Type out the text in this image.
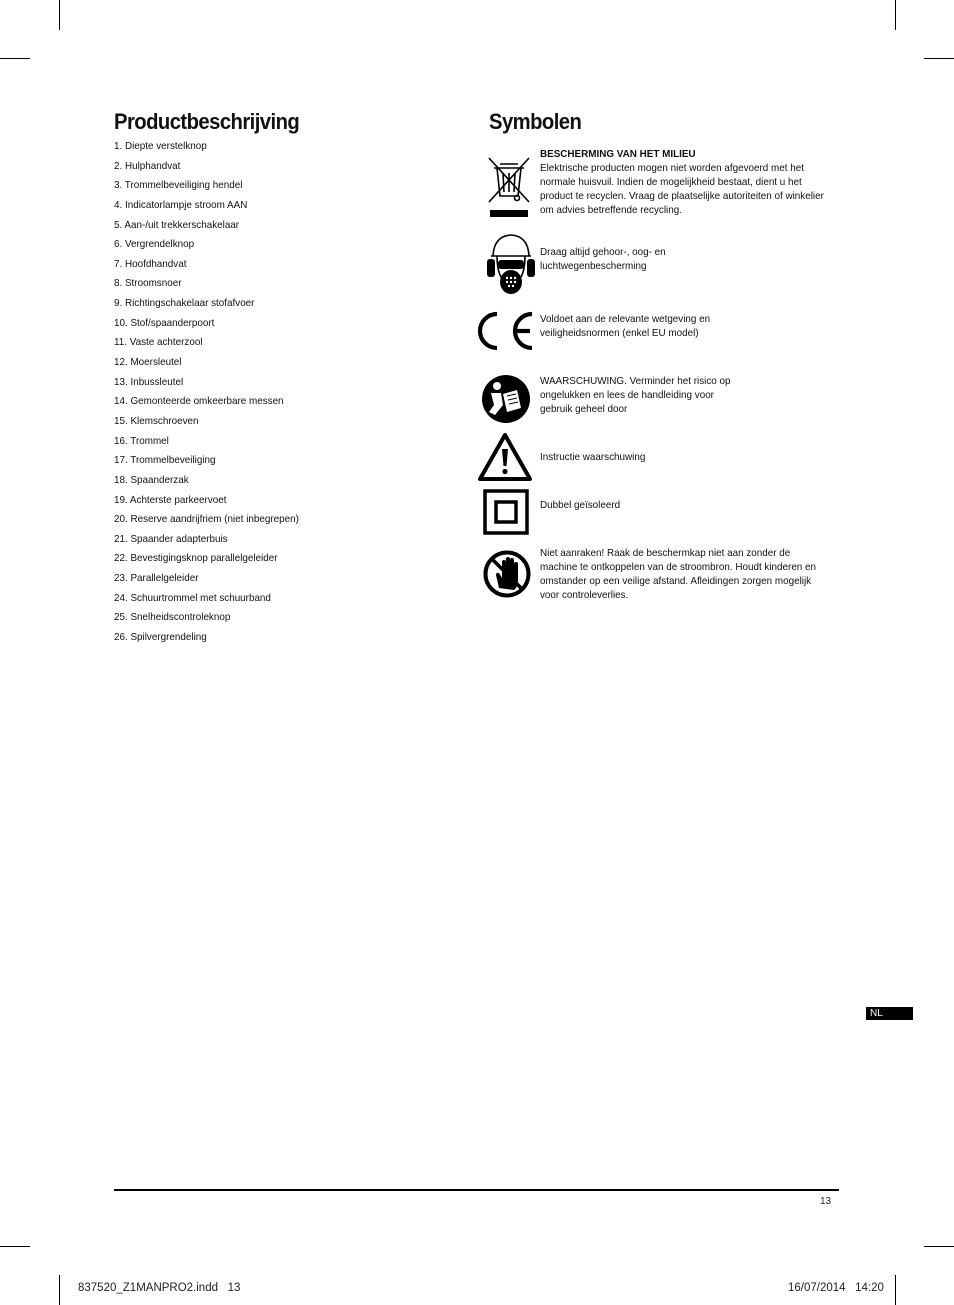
Productbeschrijving
1. Diepte verstelknop
2. Hulphandvat
3. Trommelbeveiliging hendel
4. Indicatorlampje stroom AAN
5. Aan-/uit trekkerschakelaar
6. Vergrendelknop
7. Hoofdhandvat
8. Stroomsnoer
9. Richtingschakelaar stofafvoer
10. Stof/spaanderpoort
11. Vaste achterzool
12. Moersleutel
13. Inbussleutel
14. Gemonteerde omkeerbare messen
15. Klemschroeven
16. Trommel
17. Trommelbeveiliging
18. Spaanderzak
19. Achterste parkeervoet
20. Reserve aandrijfriem (niet inbegrepen)
21. Spaander adapterbuis
22. Bevestigingsknop parallelgeleider
23. Parallelgeleider
24. Schuurtrommel met schuurband
25. Snelheidscontroleknop
26. Spilvergrendeling
Symbolen
BESCHERMING VAN HET MILIEU
Elektrische producten mogen niet worden afgevoerd met het normale huisvuil. Indien de mogelijkheid bestaat, dient u het product te recyclen. Vraag de plaatselijke autoriteiten of winkelier om advies betreffende recycling.
Draag altijd gehoor-, oog- en luchtwegenbescherming
Voldoet aan de relevante wetgeving en veiligheidsnormen (enkel EU model)
WAARSCHUWING. Verminder het risico op ongelukken en lees de handleiding voor gebruik geheel door
Instructie waarschuwing
Dubbel geïsoleerd
Niet aanraken! Raak de beschermkap niet aan zonder de machine te ontkoppelen van de stroombron. Houdt kinderen en omstander op een veilige afstand. Afleidingen zorgen mogelijk voor controleverlies.
NL
13
837520_Z1MANPRO2.indd   13	16/07/2014   14:20
